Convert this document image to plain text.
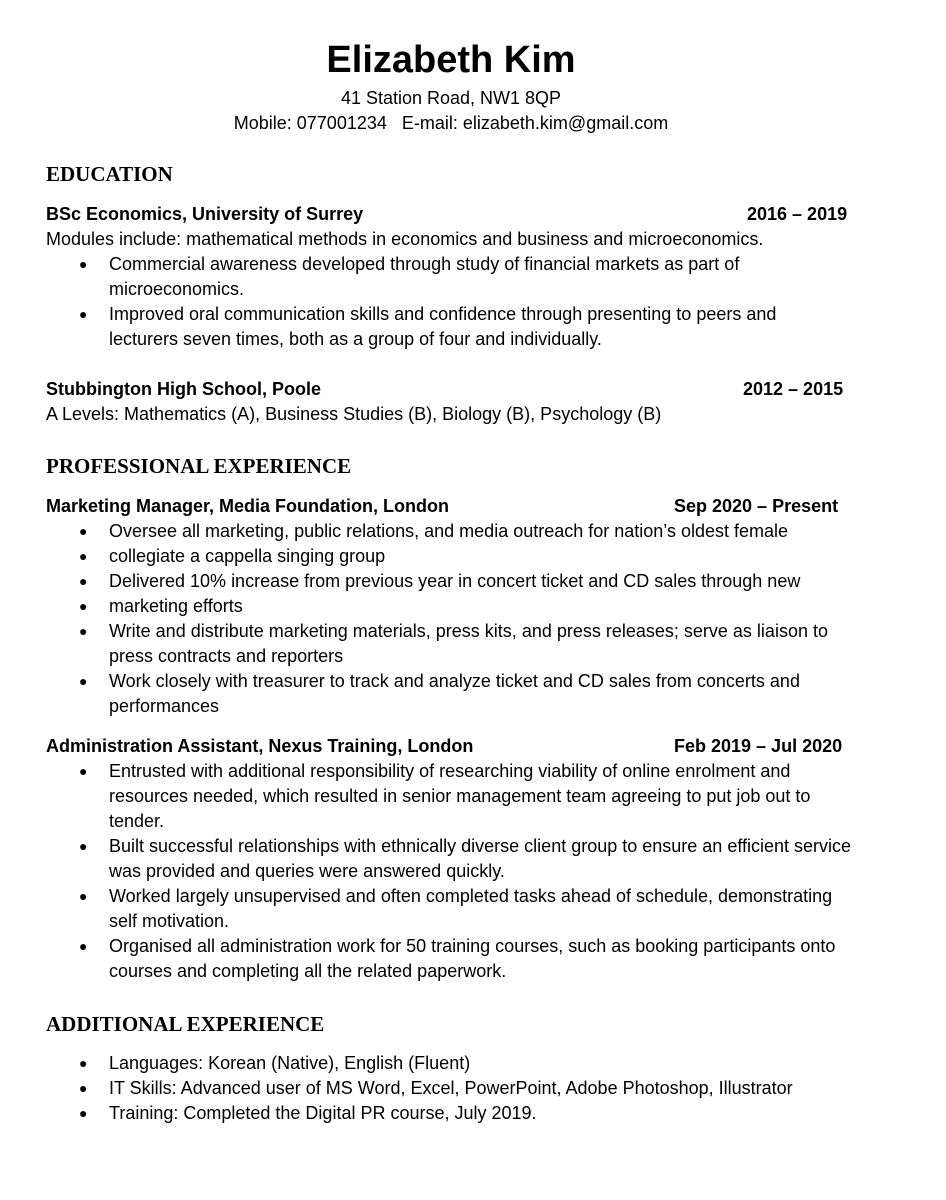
Elizabeth Kim
41 Station Road, NW1 8QP
Mobile: 077001234   E-mail: elizabeth.kim@gmail.com
EDUCATION
BSc Economics, University of Surrey	2016 – 2019
Modules include: mathematical methods in economics and business and microeconomics.
● Commercial awareness developed through study of financial markets as part of microeconomics.
● Improved oral communication skills and confidence through presenting to peers and lecturers seven times, both as a group of four and individually.
Stubbington High School, Poole	2012 – 2015
A Levels: Mathematics (A), Business Studies (B), Biology (B), Psychology (B)
PROFESSIONAL EXPERIENCE
Marketing Manager, Media Foundation, London	Sep 2020 – Present
● Oversee all marketing, public relations, and media outreach for nation’s oldest female
● collegiate a cappella singing group
● Delivered 10% increase from previous year in concert ticket and CD sales through new
● marketing efforts
● Write and distribute marketing materials, press kits, and press releases; serve as liaison to press contracts and reporters
● Work closely with treasurer to track and analyze ticket and CD sales from concerts and performances
Administration Assistant, Nexus Training, London	Feb 2019 – Jul 2020
● Entrusted with additional responsibility of researching viability of online enrolment and resources needed, which resulted in senior management team agreeing to put job out to tender.
● Built successful relationships with ethnically diverse client group to ensure an efficient service was provided and queries were answered quickly.
● Worked largely unsupervised and often completed tasks ahead of schedule, demonstrating self motivation.
● Organised all administration work for 50 training courses, such as booking participants onto courses and completing all the related paperwork.
ADDITIONAL EXPERIENCE
● Languages: Korean (Native), English (Fluent)
● IT Skills: Advanced user of MS Word, Excel, PowerPoint, Adobe Photoshop, Illustrator
● Training: Completed the Digital PR course, July 2019.
